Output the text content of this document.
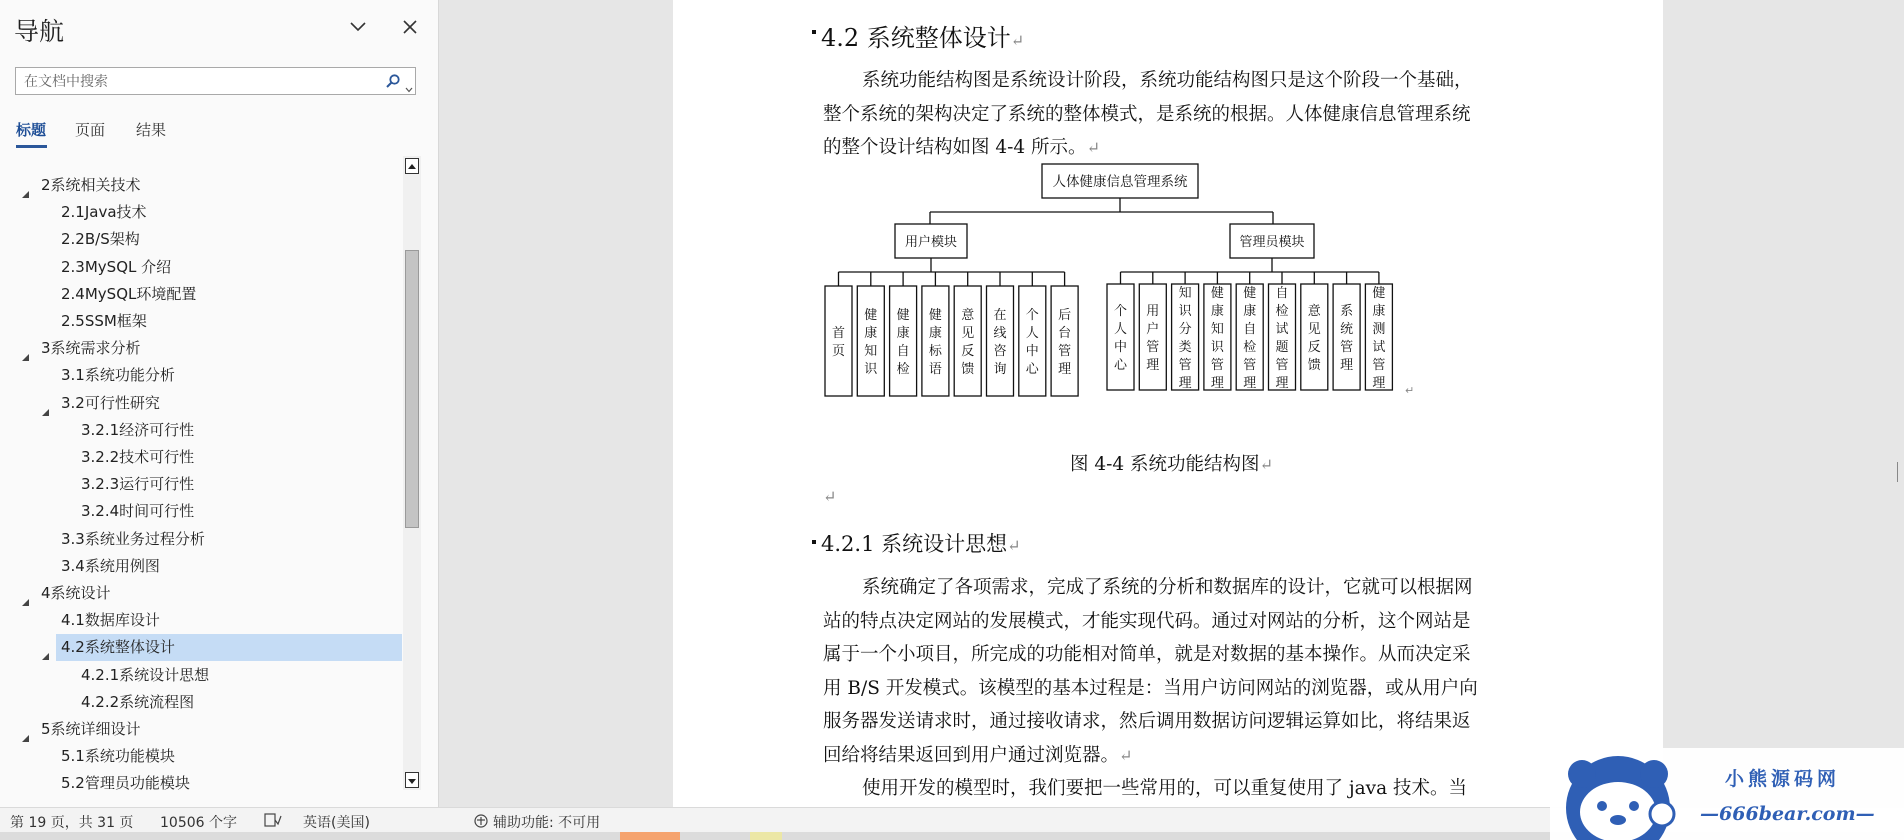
导航
在文档中搜索
标题 页面 结果
2系统相关技术
2.1Java技术
2.2B/S架构
2.3MySQL 介绍
2.4MySQL环境配置
2.5SSM框架
3系统需求分析
3.1系统功能分析
3.2可行性研究
3.2.1经济可行性
3.2.2技术可行性
3.2.3运行可行性
3.2.4时间可行性
3.3系统业务过程分析
3.4系统用例图
4系统设计
4.1数据库设计
4.2系统整体设计
4.2.1系统设计思想
4.2.2系统流程图
5系统详细设计
5.1系统功能模块
5.2管理员功能模块
4.2 系统整体设计↵
系统功能结构图是系统设计阶段，系统功能结构图只是这个阶段一个基础，
整个系统的架构决定了系统的整体模式，是系统的根据。人体健康信息管理系统
的整个设计结构如图 4-4 所示。↵
人体健康信息管理系统
用户模块	管理员模块
首页
健康知识
健康自检
健康标语
意见反馈
在线咨询
个人中心
后台管理
个人中心
用户管理
知识分类管理
健康知识管理
健康自检管理
自检试题管理
意见反馈
系统管理
健康测试管理 ↵
图 4-4 系统功能结构图↵
↵
4.2.1 系统设计思想↵
系统确定了各项需求，完成了系统的分析和数据库的设计，它就可以根据网
站的特点决定网站的发展模式，才能实现代码。通过对网站的分析，这个网站是
属于一个小项目，所完成的功能相对简单，就是对数据的基本操作。从而决定采
用 B/S 开发模式。该模型的基本过程是：当用户访问网站的浏览器，或从用户向
服务器发送请求时，通过接收请求，然后调用数据访问逻辑运算如比，将结果返
回给将结果返回到用户通过浏览器。↵
使用开发的模型时，我们要把一些常用的，可以重复使用了 java 技术。当
第 19 页，共 31 页 10506 个字	英语(美国)	辅助功能: 不可用
小熊源码网
—666bear.com—
